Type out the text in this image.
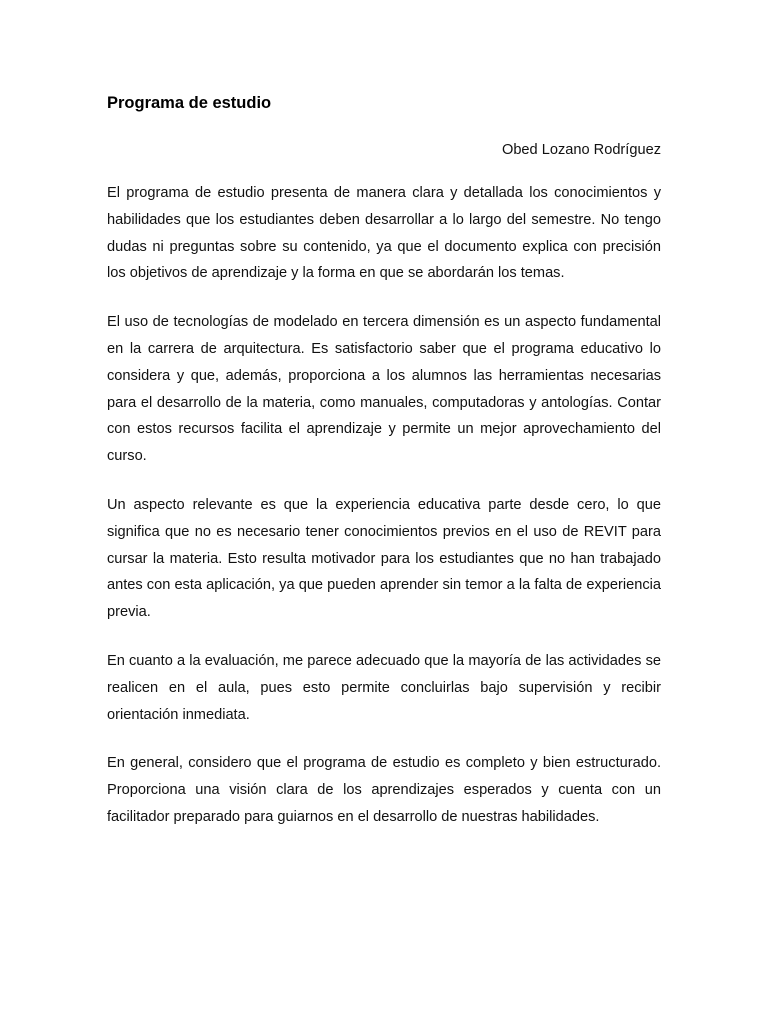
Programa de estudio

Obed Lozano Rodríguez

El programa de estudio presenta de manera clara y detallada los conocimientos y habilidades que los estudiantes deben desarrollar a lo largo del semestre. No tengo dudas ni preguntas sobre su contenido, ya que el documento explica con precisión los objetivos de aprendizaje y la forma en que se abordarán los temas.

El uso de tecnologías de modelado en tercera dimensión es un aspecto fundamental en la carrera de arquitectura. Es satisfactorio saber que el programa educativo lo considera y que, además, proporciona a los alumnos las herramientas necesarias para el desarrollo de la materia, como manuales, computadoras y antologías. Contar con estos recursos facilita el aprendizaje y permite un mejor aprovechamiento del curso.

Un aspecto relevante es que la experiencia educativa parte desde cero, lo que significa que no es necesario tener conocimientos previos en el uso de REVIT para cursar la materia. Esto resulta motivador para los estudiantes que no han trabajado antes con esta aplicación, ya que pueden aprender sin temor a la falta de experiencia previa.

En cuanto a la evaluación, me parece adecuado que la mayoría de las actividades se realicen en el aula, pues esto permite concluirlas bajo supervisión y recibir orientación inmediata.

En general, considero que el programa de estudio es completo y bien estructurado. Proporciona una visión clara de los aprendizajes esperados y cuenta con un facilitador preparado para guiarnos en el desarrollo de nuestras habilidades.
